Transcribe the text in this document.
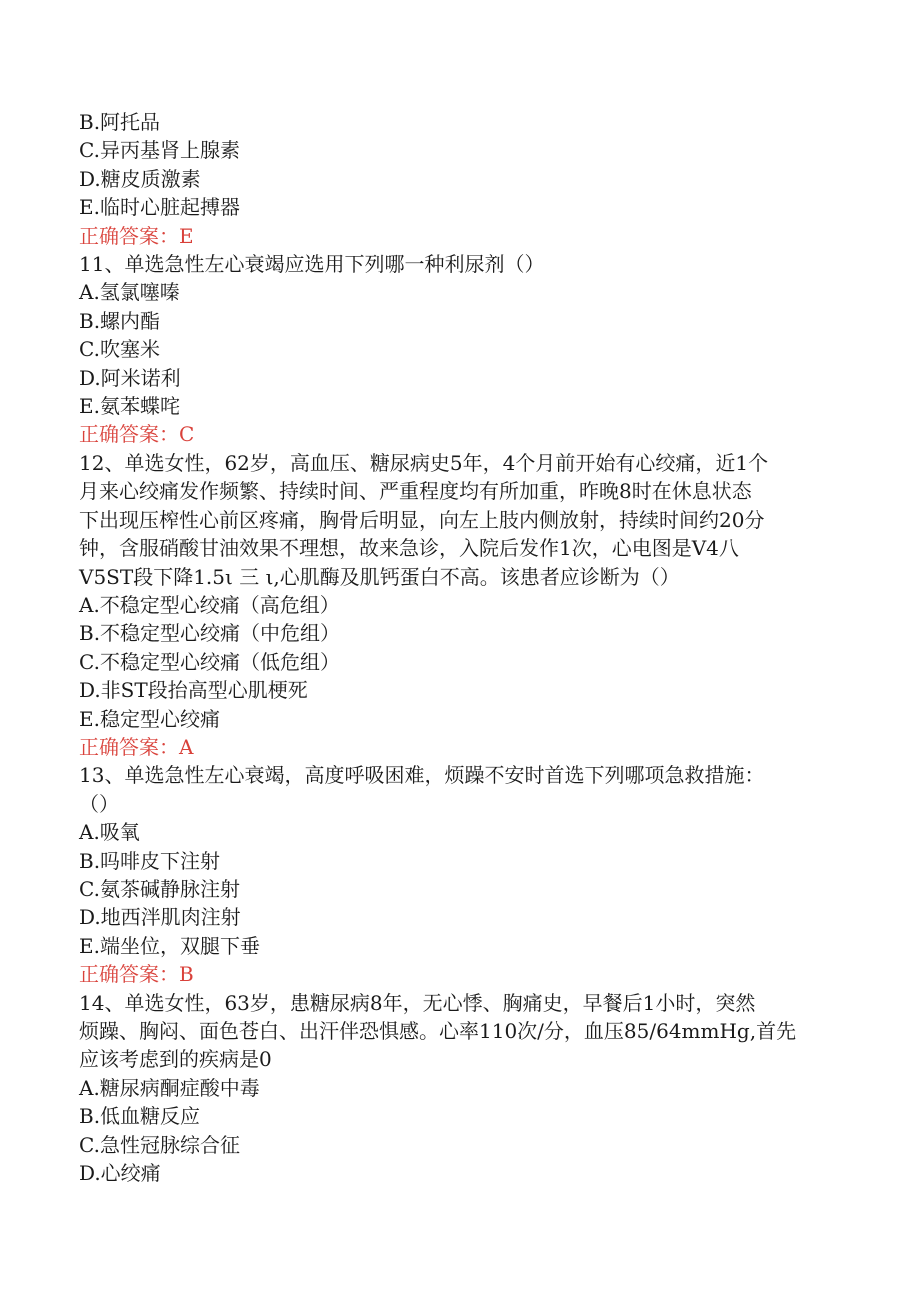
B.阿托品
C.异丙基肾上腺素
D.糖皮质激素
E.临时心脏起搏器
正确答案：E
11、单选急性左心衰竭应选用下列哪一种利尿剂（）
A.氢氯噻嗪
B.螺内酯
C.吹塞米
D.阿米诺利
E.氨苯蝶咤
正确答案：C
12、单选女性，62岁，高血压、糖尿病史5年，4个月前开始有心绞痛，近1个
月来心绞痛发作频繁、持续时间、严重程度均有所加重，昨晚8时在休息状态
下出现压榨性心前区疼痛，胸骨后明显，向左上肢内侧放射，持续时间约20分
钟，含服硝酸甘油效果不理想，故来急诊，入院后发作1次，心电图是V4八
V5ST段下降1.5ι 三 ι,心肌酶及肌钙蛋白不高。该患者应诊断为（）
A.不稳定型心绞痛（高危组）
B.不稳定型心绞痛（中危组）
C.不稳定型心绞痛（低危组）
D.非ST段抬高型心肌梗死
E.稳定型心绞痛
正确答案：A
13、单选急性左心衰竭，高度呼吸困难，烦躁不安时首选下列哪项急救措施：
（）
A.吸氧
B.吗啡皮下注射
C.氨茶碱静脉注射
D.地西泮肌肉注射
E.端坐位，双腿下垂
正确答案：B
14、单选女性，63岁，患糖尿病8年，无心悸、胸痛史，早餐后1小时，突然
烦躁、胸闷、面色苍白、出汗伴恐惧感。心率110次/分，血压85/64mmHg,首先
应该考虑到的疾病是0
A.糖尿病酮症酸中毒
B.低血糖反应
C.急性冠脉综合征
D.心绞痛
